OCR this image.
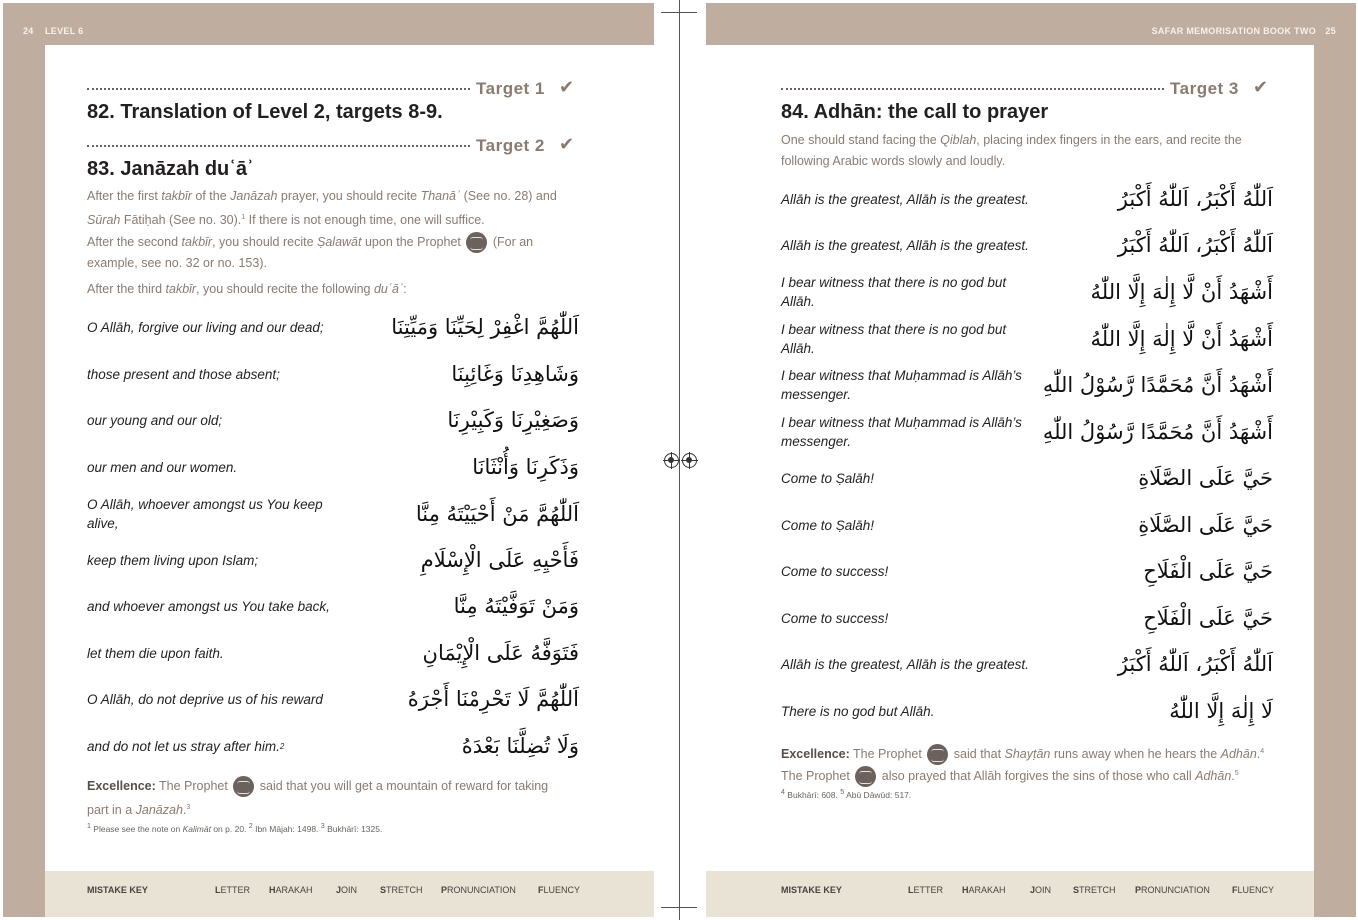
24 LEVEL 6
Target 1 ✔
82. Translation of Level 2, targets 8-9.
Target 2 ✔
83. Janāzah duʿāʾ
After the first takbīr of the Janāzah prayer, you should recite Thanāʾ (See no. 28) and Sūrah Fātiḥah (See no. 30).$^1$ If there is not enough time, one will suffice.
After the second takbīr, you should recite Ṣalawāt upon the Prophet  (For an example, see no. 32 or no. 153).
After the third takbīr, you should recite the following duʿāʾ:
O Allāh, forgive our living and our dead;	اَللّٰهُمَّ اغْفِرْ لِحَيِّنَا وَمَيِّتِنَا
those present and those absent;	وَشَاهِدِنَا وَغَائِبِنَا
our young and our old;	وَصَغِيْرِنَا وَكَبِيْرِنَا
our men and our women.	وَذَكَرِنَا وَأُنْثَانَا
O Allāh, whoever amongst us You keep alive,	اَللّٰهُمَّ مَنْ أَحْيَيْتَهُ مِنَّا
keep them living upon Islam;	فَأَحْيِهِ عَلَى الْإِسْلَامِ
and whoever amongst us You take back,	وَمَنْ تَوَفَّيْتَهُ مِنَّا
let them die upon faith.	فَتَوَفَّهُ عَلَى الْإِيْمَانِ
O Allāh, do not deprive us of his reward	اَللّٰهُمَّ لَا تَحْرِمْنَا أَجْرَهُ
and do not let us stray after him. 2	وَلَا تُضِلَّنَا بَعْدَهُ
Excellence: The Prophet  said that you will get a mountain of reward for taking part in a Janāzah.$^3$
$^1$ Please see the note on Kalimāt on p. 20. $^2$ Ibn Mājah: 1498. $^3$ Bukhārī: 1325.
MISTAKE KEY	LETTER HARAKAH	JOIN	STRETCH PRONUNCIATION FLUENCY
SAFAR MEMORISATION BOOK TWO 25
Target 3 ✔
84. Adhān: the call to prayer
One should stand facing the Qiblah, placing index fingers in the ears, and recite the following Arabic words slowly and loudly.
Allāh is the greatest, Allāh is the greatest.	اَللّٰهُ أَكْبَرُ، اَللّٰهُ أَكْبَرُ
Allāh is the greatest, Allāh is the greatest.	اَللّٰهُ أَكْبَرُ، اَللّٰهُ أَكْبَرُ
I bear witness that there is no god but Allāh.	أَشْهَدُ أَنْ لَّا إِلٰهَ إِلَّا اللّٰهُ
I bear witness that there is no god but Allāh.	أَشْهَدُ أَنْ لَّا إِلٰهَ إِلَّا اللّٰهُ
I bear witness that Muḥammad is Allāh’s messenger.	أَشْهَدُ أَنَّ مُحَمَّدًا رَّسُوْلُ اللّٰهِ
I bear witness that Muḥammad is Allāh’s messenger.	أَشْهَدُ أَنَّ مُحَمَّدًا رَّسُوْلُ اللّٰهِ
Come to Ṣalāh!	حَيَّ عَلَى الصَّلَاةِ
Come to Ṣalāh!	حَيَّ عَلَى الصَّلَاةِ
Come to success!	حَيَّ عَلَى الْفَلَاحِ
Come to success!	حَيَّ عَلَى الْفَلَاحِ
Allāh is the greatest, Allāh is the greatest.	اَللّٰهُ أَكْبَرُ، اَللّٰهُ أَكْبَرُ
There is no god but Allāh.	لَا إِلٰهَ إِلَّا اللّٰهُ
Excellence: The Prophet  said that Shayṭān runs away when he hears the Adhān.$^4$
The Prophet  also prayed that Allāh forgives the sins of those who call Adhān.$^5$
$^4$ Bukhārī: 608. $^5$ Abū Dāwūd: 517.
MISTAKE KEY	LETTER HARAKAH	JOIN STRETCH PRONUNCIATION FLUENCY
